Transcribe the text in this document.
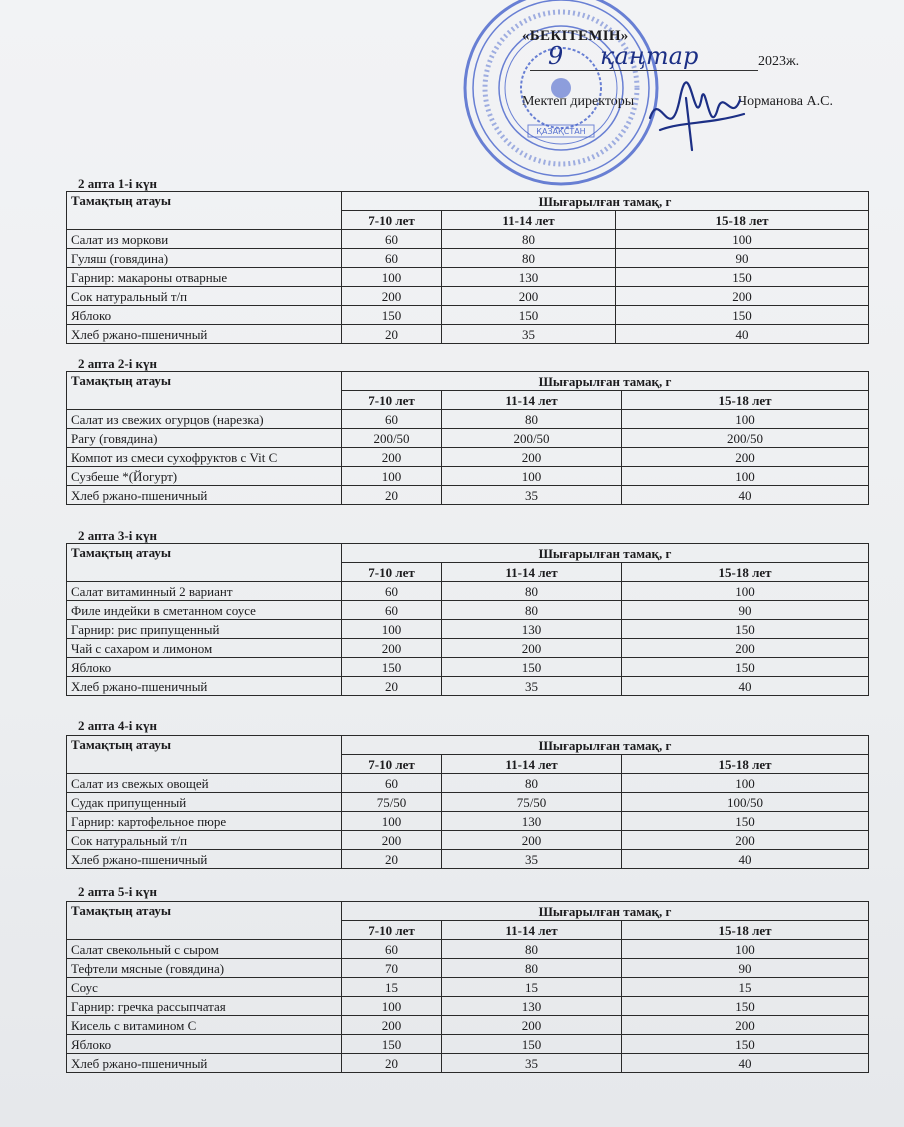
ҚАЗАҚСТАН
«БЕКІТЕМІН»
9 қаңтар	2023ж.
Мектеп директоры	Чорманова А.С.
2 апта 1-і күн
Тамақтың атауы	Шығарылған тамақ, г		
	7-10 лет	11-14 лет	15-18 лет
Салат из моркови	60	80	100
Гуляш (говядина)	60	80	90
Гарнир: макароны отварные	100	130	150
Сок натуральный т/п	200	200	200
Яблоко	150	150	150
Хлеб ржано-пшеничный	20	35	40
2 апта 2-і күн
Тамақтың атауы	Шығарылған тамақ, г		
	7-10 лет	11-14 лет	15-18 лет
Салат из свежих огурцов (нарезка)	60	80	100
Рагу (говядина)	200/50	200/50	200/50
Компот из смеси сухофруктов с Vit C	200	200	200
Сузбеше *(Йогурт)	100	100	100
Хлеб ржано-пшеничный	20	35	40
2 апта 3-і күн
Тамақтың атауы	Шығарылған тамақ, г		
	7-10 лет	11-14 лет	15-18 лет
Салат витаминный 2 вариант	60	80	100
Филе индейки в сметанном соусе	60	80	90
Гарнир: рис припущенный	100	130	150
Чай с сахаром и лимоном	200	200	200
Яблоко	150	150	150
Хлеб ржано-пшеничный	20	35	40
2 апта 4-і күн
Тамақтың атауы	Шығарылған тамақ, г		
	7-10 лет	11-14 лет	15-18 лет
Салат из свежых овощей	60	80	100
Судак припущенный	75/50	75/50	100/50
Гарнир: картофельное пюре	100	130	150
Сок натуральный т/п	200	200	200
Хлеб ржано-пшеничный	20	35	40
2 апта 5-і күн
Тамақтың атауы	Шығарылған тамақ, г		
	7-10 лет	11-14 лет	15-18 лет
Салат свекольный с сыром	60	80	100
Тефтели мясные (говядина)	70	80	90
Соус	15	15	15
Гарнир: гречка рассыпчатая	100	130	150
Кисель с витамином С	200	200	200
Яблоко	150	150	150
Хлеб ржано-пшеничный	20	35	40
